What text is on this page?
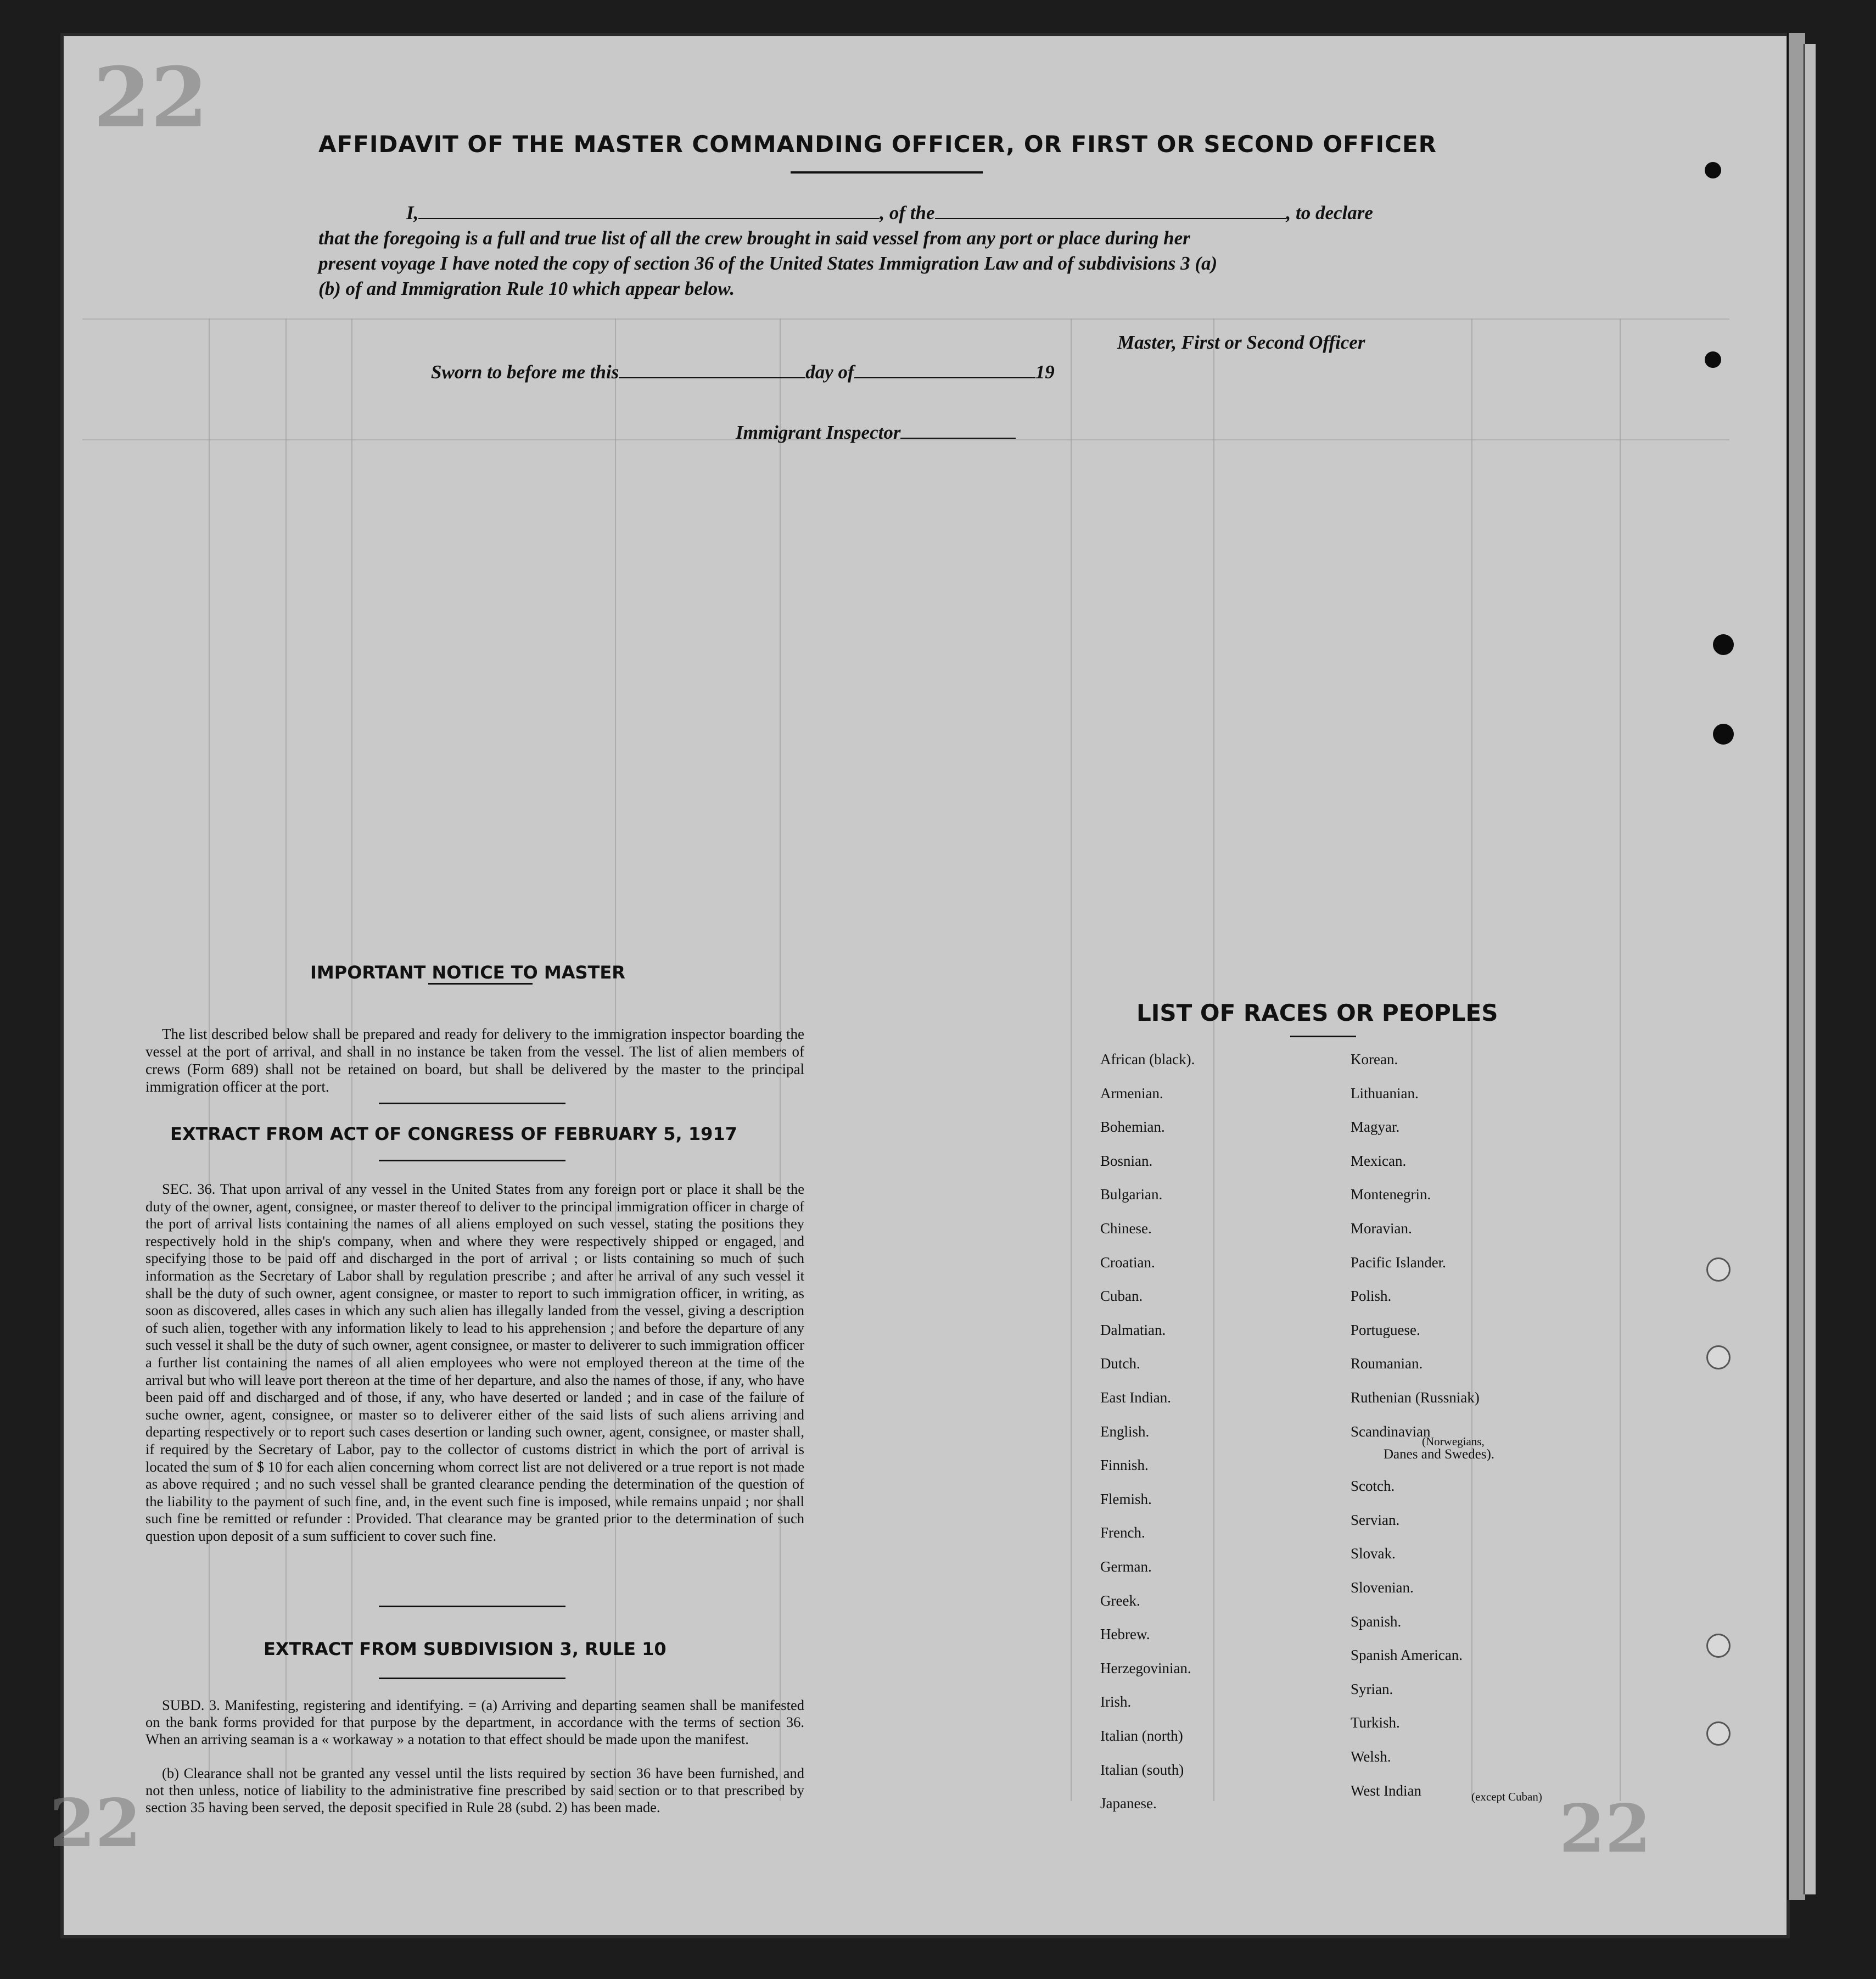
22
22	22
AFFIDAVIT OF THE MASTER COMMANDING OFFICER, OR FIRST OR SECOND OFFICER
I,	, of the	, to declare
that the foregoing is a full and true list of all the crew brought in said vessel from any port or place during her
present voyage I have noted the copy of section 36 of the United States Immigration Law and of subdivisions 3 (a)
(b) of and Immigration Rule 10 which appear below.
Master, First or Second Officer
Sworn to before me this	day of	19
Immigrant Inspector
IMPORTANT NOTICE TO MASTER
The list described below shall be prepared and ready for delivery to the immigration inspector boarding the vessel at the port of arrival, and shall in no instance be taken from the vessel. The list of alien members of crews (Form 689) shall not be retained on board, but shall be delivered by the master to the principal immigration officer at the port.
EXTRACT FROM ACT OF CONGRESS OF FEBRUARY 5, 1917
SEC. 36. That upon arrival of any vessel in the United States from any foreign port or place it shall be the duty of the owner, agent, consignee, or master thereof to deliver to the principal immigration officer in charge of the port of arrival lists containing the names of all aliens employed on such vessel, stating the positions they respectively hold in the ship's company, when and where they were respectively shipped or engaged, and specifying those to be paid off and discharged in the port of arrival ; or lists containing so much of such information as the Secretary of Labor shall by regulation prescribe ; and after he arrival of any such vessel it shall be the duty of such owner, agent consignee, or master to report to such immigration officer, in writing, as soon as discovered, alles cases in which any such alien has illegally landed from the vessel, giving a description of such alien, together with any information likely to lead to his apprehension ; and before the departure of any such vessel it shall be the duty of such owner, agent consignee, or master to deliverer to such immigration officer a further list containing the names of all alien employees who were not employed thereon at the time of the arrival but who will leave port thereon at the time of her departure, and also the names of those, if any, who have been paid off and discharged and of those, if any, who have deserted or landed ; and in case of the failure of suche owner, agent, consignee, or master so to deliverer either of the said lists of such aliens arriving and departing respectively or to report such cases desertion or landing such owner, agent, consignee, or master shall, if required by the Secretary of Labor, pay to the collector of customs district in which the port of arrival is located the sum of $ 10 for each alien concerning whom correct list are not delivered or a true report is not made as above required ; and no such vessel shall be granted clearance pending the determination of the question of the liability to the payment of such fine, and, in the event such fine is imposed, while remains unpaid ; nor shall such fine be remitted or refunder : Provided. That clearance may be granted prior to the determination of such question upon deposit of a sum sufficient to cover such fine.
EXTRACT FROM SUBDIVISION 3, RULE 10
SUBD. 3. Manifesting, registering and identifying. = (a) Arriving and departing seamen shall be manifested on the bank forms provided for that purpose by the department, in accordance with the terms of section 36. When an arriving seaman is a « workaway » a notation to that effect should be made upon the manifest.
(b) Clearance shall not be granted any vessel until the lists required by section 36 have been furnished, and not then unless, notice of liability to the administrative fine prescribed by said section or to that prescribed by section 35 having been served, the deposit specified in Rule 28 (subd. 2) has been made.
LIST OF RACES OR PEOPLES
African (black).
Armenian.
Bohemian.
Bosnian.
Bulgarian.
Chinese.
Croatian.
Cuban.
Dalmatian.
Dutch.
East Indian.
English.
Finnish.
Flemish.
French.
German.
Greek.
Hebrew.
Herzegovinian.
Irish.
Italian (north)
Italian (south)
Japanese.
Korean.
Lithuanian.
Magyar.
Mexican.
Montenegrin.
Moravian.
Pacific Islander.
Polish.
Portuguese.
Roumanian.
Ruthenian (Russniak)
Scandinavian
Scotch.
Servian.
Slovak.
Slovenian.
Spanish.
Spanish American.
Syrian.
Turkish.
Welsh.
West Indian
(Norwegians,
Danes and Swedes).
(except Cuban)
